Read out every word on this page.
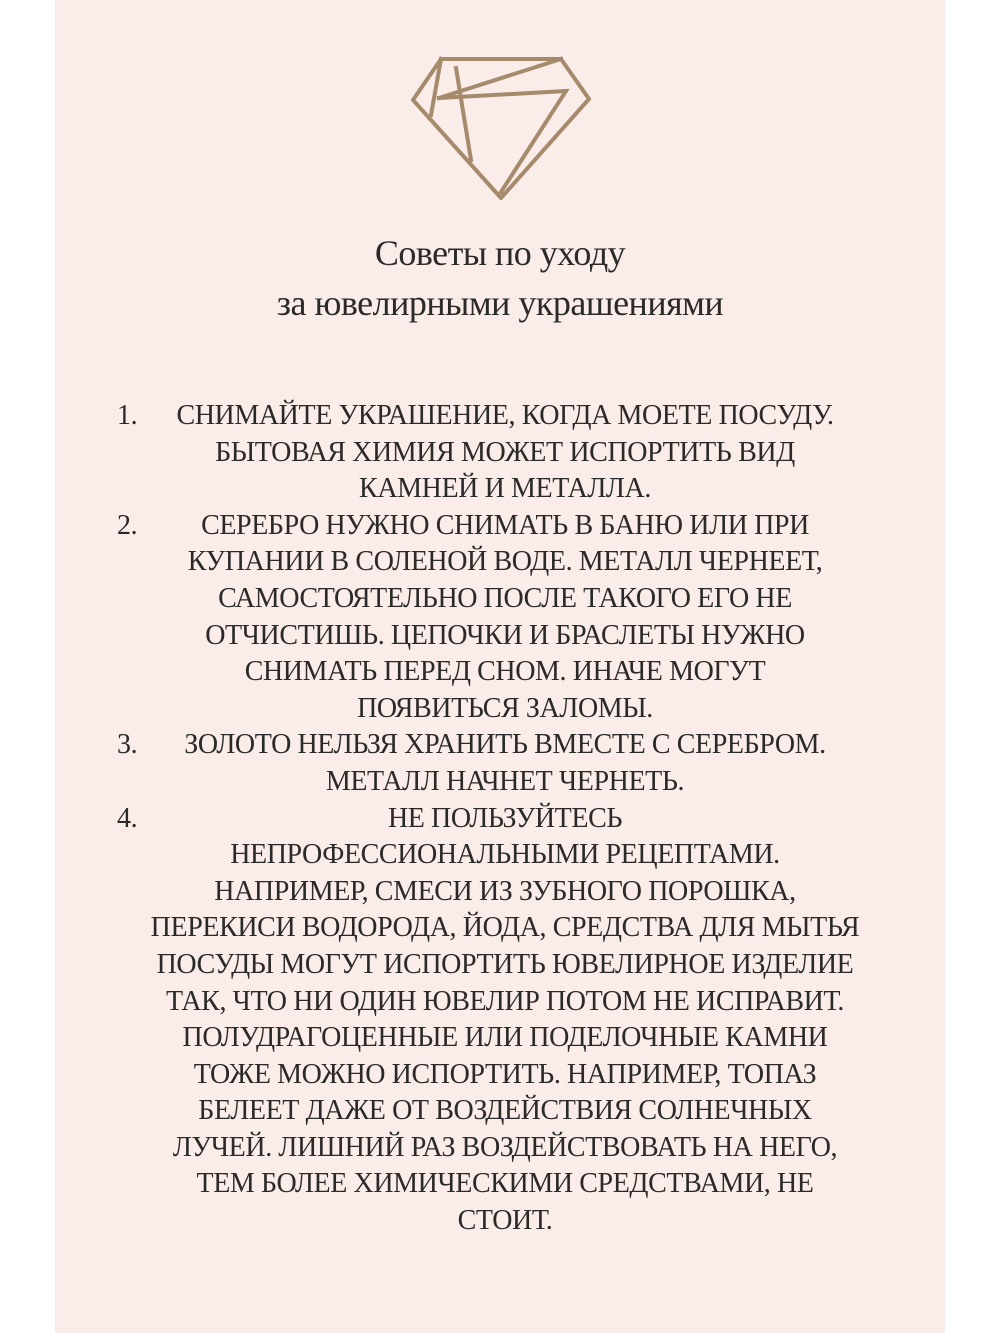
Советы по уходу
за ювелирными украшениями
1. СНИМАЙТЕ УКРАШЕНИЕ, КОГДА МОЕТЕ ПОСУДУ.
БЫТОВАЯ ХИМИЯ МОЖЕТ ИСПОРТИТЬ ВИД
КАМНЕЙ И МЕТАЛЛА.
2. СЕРЕБРО НУЖНО СНИМАТЬ В БАНЮ ИЛИ ПРИ
КУПАНИИ В СОЛЕНОЙ ВОДЕ. МЕТАЛЛ ЧЕРНЕЕТ,
САМОСТОЯТЕЛЬНО ПОСЛЕ ТАКОГО ЕГО НЕ
ОТЧИСТИШЬ. ЦЕПОЧКИ И БРАСЛЕТЫ НУЖНО
СНИМАТЬ ПЕРЕД СНОМ. ИНАЧЕ МОГУТ
ПОЯВИТЬСЯ ЗАЛОМЫ.
3. ЗОЛОТО НЕЛЬЗЯ ХРАНИТЬ ВМЕСТЕ С СЕРЕБРОМ.
МЕТАЛЛ НАЧНЕТ ЧЕРНЕТЬ.
4.	НЕ ПОЛЬЗУЙТЕСЬ
НЕПРОФЕССИОНАЛЬНЫМИ РЕЦЕПТАМИ.
НАПРИМЕР, СМЕСИ ИЗ ЗУБНОГО ПОРОШКА,
ПЕРЕКИСИ ВОДОРОДА, ЙОДА, СРЕДСТВА ДЛЯ МЫТЬЯ
ПОСУДЫ МОГУТ ИСПОРТИТЬ ЮВЕЛИРНОЕ ИЗДЕЛИЕ
ТАК, ЧТО НИ ОДИН ЮВЕЛИР ПОТОМ НЕ ИСПРАВИТ.
ПОЛУДРАГОЦЕННЫЕ ИЛИ ПОДЕЛОЧНЫЕ КАМНИ
ТОЖЕ МОЖНО ИСПОРТИТЬ. НАПРИМЕР, ТОПАЗ
БЕЛЕЕТ ДАЖЕ ОТ ВОЗДЕЙСТВИЯ СОЛНЕЧНЫХ
ЛУЧЕЙ. ЛИШНИЙ РАЗ ВОЗДЕЙСТВОВАТЬ НА НЕГО,
ТЕМ БОЛЕЕ ХИМИЧЕСКИМИ СРЕДСТВАМИ, НЕ
СТОИТ.
